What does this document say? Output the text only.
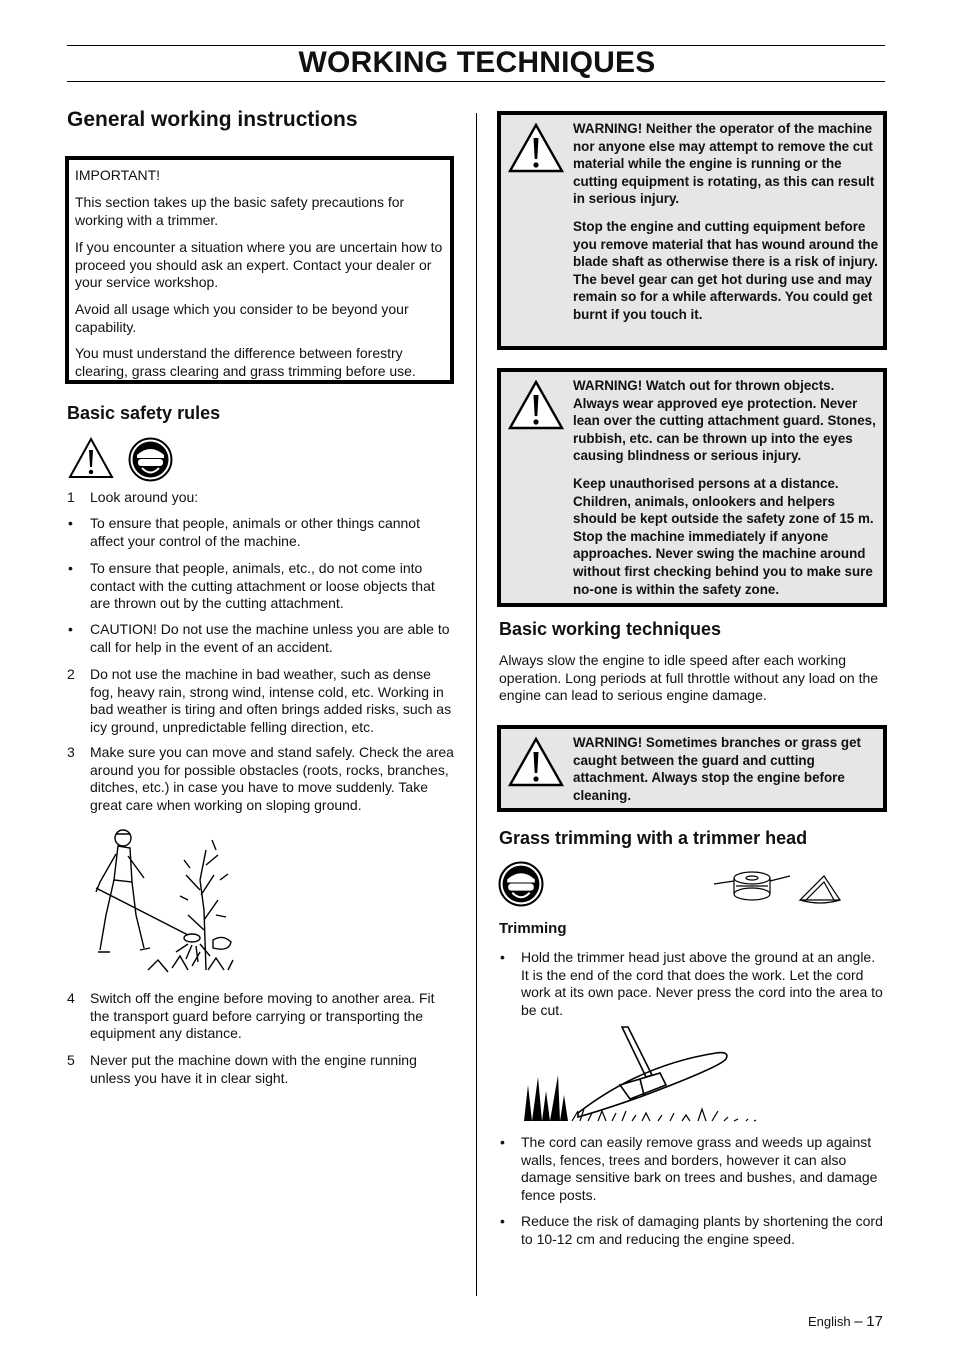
WORKING TECHNIQUES
General working instructions

IMPORTANT!

This section takes up the basic safety precautions for working with a trimmer.

If you encounter a situation where you are uncertain how to proceed you should ask an expert. Contact your dealer or your service workshop.

Avoid all usage which you consider to be beyond your capability.

You must understand the difference between forestry clearing, grass clearing and grass trimming before use.

Basic safety rules
1 Look around you:
• To ensure that people, animals or other things cannot affect your control of the machine.
• To ensure that people, animals, etc., do not come into contact with the cutting attachment or loose objects that are thrown out by the cutting attachment.
• CAUTION! Do not use the machine unless you are able to call for help in the event of an accident.
2 Do not use the machine in bad weather, such as dense fog, heavy rain, strong wind, intense cold, etc. Working in bad weather is tiring and often brings added risks, such as icy ground, unpredictable felling direction, etc.
3 Make sure you can move and stand safely. Check the area around you for possible obstacles (roots, rocks, branches, ditches, etc.) in case you have to move suddenly. Take great care when working on sloping ground.
4 Switch off the engine before moving to another area. Fit the transport guard before carrying or transporting the equipment any distance.
5 Never put the machine down with the engine running unless you have it in clear sight.

WARNING! Neither the operator of the machine nor anyone else may attempt to remove the cut material while the engine is running or the cutting equipment is rotating, as this can result in serious injury.

Stop the engine and cutting equipment before you remove material that has wound around the blade shaft as otherwise there is a risk of injury. The bevel gear can get hot during use and may remain so for a while afterwards. You could get burnt if you touch it.

WARNING! Watch out for thrown objects. Always wear approved eye protection. Never lean over the cutting attachment guard. Stones, rubbish, etc. can be thrown up into the eyes causing blindness or serious injury.

Keep unauthorised persons at a distance. Children, animals, onlookers and helpers should be kept outside the safety zone of 15 m. Stop the machine immediately if anyone approaches. Never swing the machine around without first checking behind you to make sure no-one is within the safety zone.

Basic working techniques
Always slow the engine to idle speed after each working operation. Long periods at full throttle without any load on the engine can lead to serious engine damage.

WARNING! Sometimes branches or grass get caught between the guard and cutting attachment. Always stop the engine before cleaning.

Grass trimming with a trimmer head
Trimming
• Hold the trimmer head just above the ground at an angle. It is the end of the cord that does the work. Let the cord work at its own pace. Never press the cord into the area to be cut.
• The cord can easily remove grass and weeds up against walls, fences, trees and borders, however it can also damage sensitive bark on trees and bushes, and damage fence posts.
• Reduce the risk of damaging plants by shortening the cord to 10-12 cm and reducing the engine speed.
English – 17
